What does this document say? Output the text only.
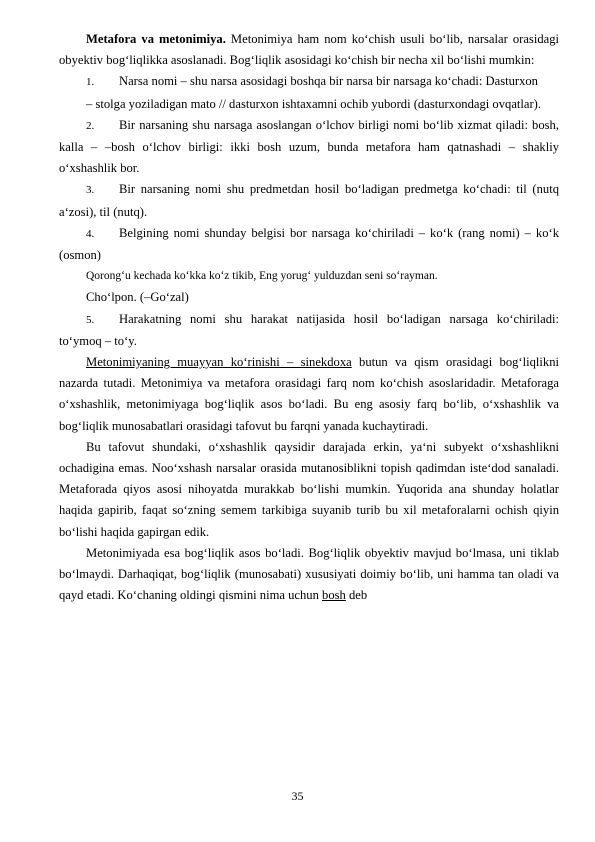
Metafora va metonimiya. Metonimiya ham nom ko‘chish usuli bo‘lib, narsalar orasidagi obyektiv bog‘liqlikka asoslanadi. Bog‘liqlik asosidagi ko‘chish bir necha xil bo‘lishi mumkin:

1. Narsa nomi – shu narsa asosidagi boshqa bir narsa bir narsaga ko‘chadi: Dasturxon

– stolga yoziladigan mato // dasturxon ishtaxamni ochib yubordi (dasturxondagi ovqatlar).

2. Bir narsaning shu narsaga asoslangan o‘lchov birligi nomi bo‘lib xizmat qiladi: bosh, kalla – –bosh o‘lchov birligi: ikki bosh uzum, bunda metafora ham qatnashadi – shakliy o‘xshashlik bor.

3. Bir narsaning nomi shu predmetdan hosil bo‘ladigan predmetga ko‘chadi: til (nutq a‘zosi), til (nutq).

4. Belgining nomi shunday belgisi bor narsaga ko‘chiriladi – ko‘k (rang nomi) – ko‘k (osmon)

Qorong‘u kechada ko‘kka ko‘z tikib, Eng yorug‘ yulduzdan seni so‘rayman.

Cho‘lpon. (–Go‘zal)

5. Harakatning nomi shu harakat natijasida hosil bo‘ladigan narsaga ko‘chiriladi: to‘ymoq – to‘y.

Metonimiyaning muayyan ko‘rinishi – sinekdoxa butun va qism orasidagi bog‘liqlikni nazarda tutadi. Metonimiya va metafora orasidagi farq nom ko‘chish asoslaridadir. Metaforaga o‘xshashlik, metonimiyaga bog‘liqlik asos bo‘ladi. Bu eng asosiy farq bo‘lib, o‘xshashlik va bog‘liqlik munosabatlari orasidagi tafovut bu farqni yanada kuchaytiradi.

Bu tafovut shundaki, o‘xshashlik qaysidir darajada erkin, ya‘ni subyekt o‘xshashlikni ochadigina emas. Noo‘xshash narsalar orasida mutanosiblikni topish qadimdan iste‘dod sanaladi. Metaforada qiyos asosi nihoyatda murakkab bo‘lishi mumkin. Yuqorida ana shunday holatlar haqida gapirib, faqat so‘zning semem tarkibiga suyanib turib bu xil metaforalarni ochish qiyin bo‘lishi haqida gapirgan edik.

Metonimiyada esa bog‘liqlik asos bo‘ladi. Bog‘liqlik obyektiv mavjud bo‘lmasa, uni tiklab bo‘lmaydi. Darhaqiqat, bog‘liqlik (munosabati) xususiyati doimiy bo‘lib, uni hamma tan oladi va qayd etadi. Ko‘chaning oldingi qismini nima uchun bosh deb

35
